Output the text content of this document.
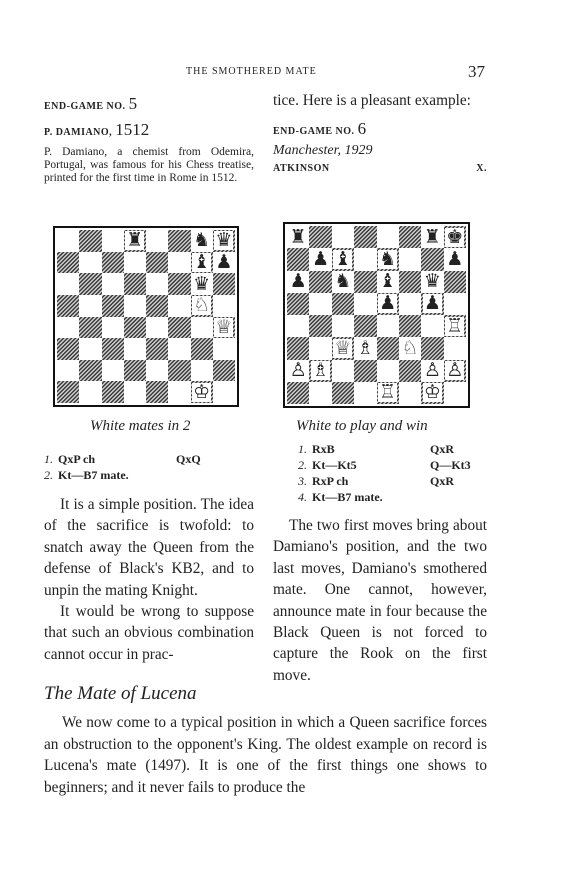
THE SMOTHERED MATE	37
END-GAME NO. 5
P. DAMIANO, 1512
P. Damiano, a chemist from Odemira, Portugal, was famous for his Chess treatise, printed for the first time in Rome in 1512.
♜	♞ ♛
♝ ♟
♛
♘
♕
♔
White mates in 2
1. QxP ch	QxQ
2. Kt—B7 mate.
It is a simple position. The idea of the sacrifice is twofold: to snatch away the Queen from the defense of Black's KB2, and to unpin the mating Knight.
It would be wrong to suppose that such an obvious combination cannot occur in prac-
tice. Here is a pleasant example:
END-GAME NO. 6
Manchester, 1929
ATKINSON	X.
♜	♜ ♚
♟ ♝ ♞	♟
♟ ♞ ♝ ♛
♟ ♟
♖
♕ ♗ ♘
♙ ♗	♙ ♙
♖ ♔
White to play and win
1. RxB	QxR
2. Kt—Kt5	Q—Kt3
3. RxP ch	QxR
4. Kt—B7 mate.
The two first moves bring about Damiano's position, and the two last moves, Damiano's smothered mate. One cannot, however, announce mate in four because the Black Queen is not forced to capture the Rook on the first move.
The Mate of Lucena
We now come to a typical position in which a Queen sacrifice forces an obstruction to the opponent's King. The oldest example on record is Lucena's mate (1497). It is one of the first things one shows to beginners; and it never fails to produce the
